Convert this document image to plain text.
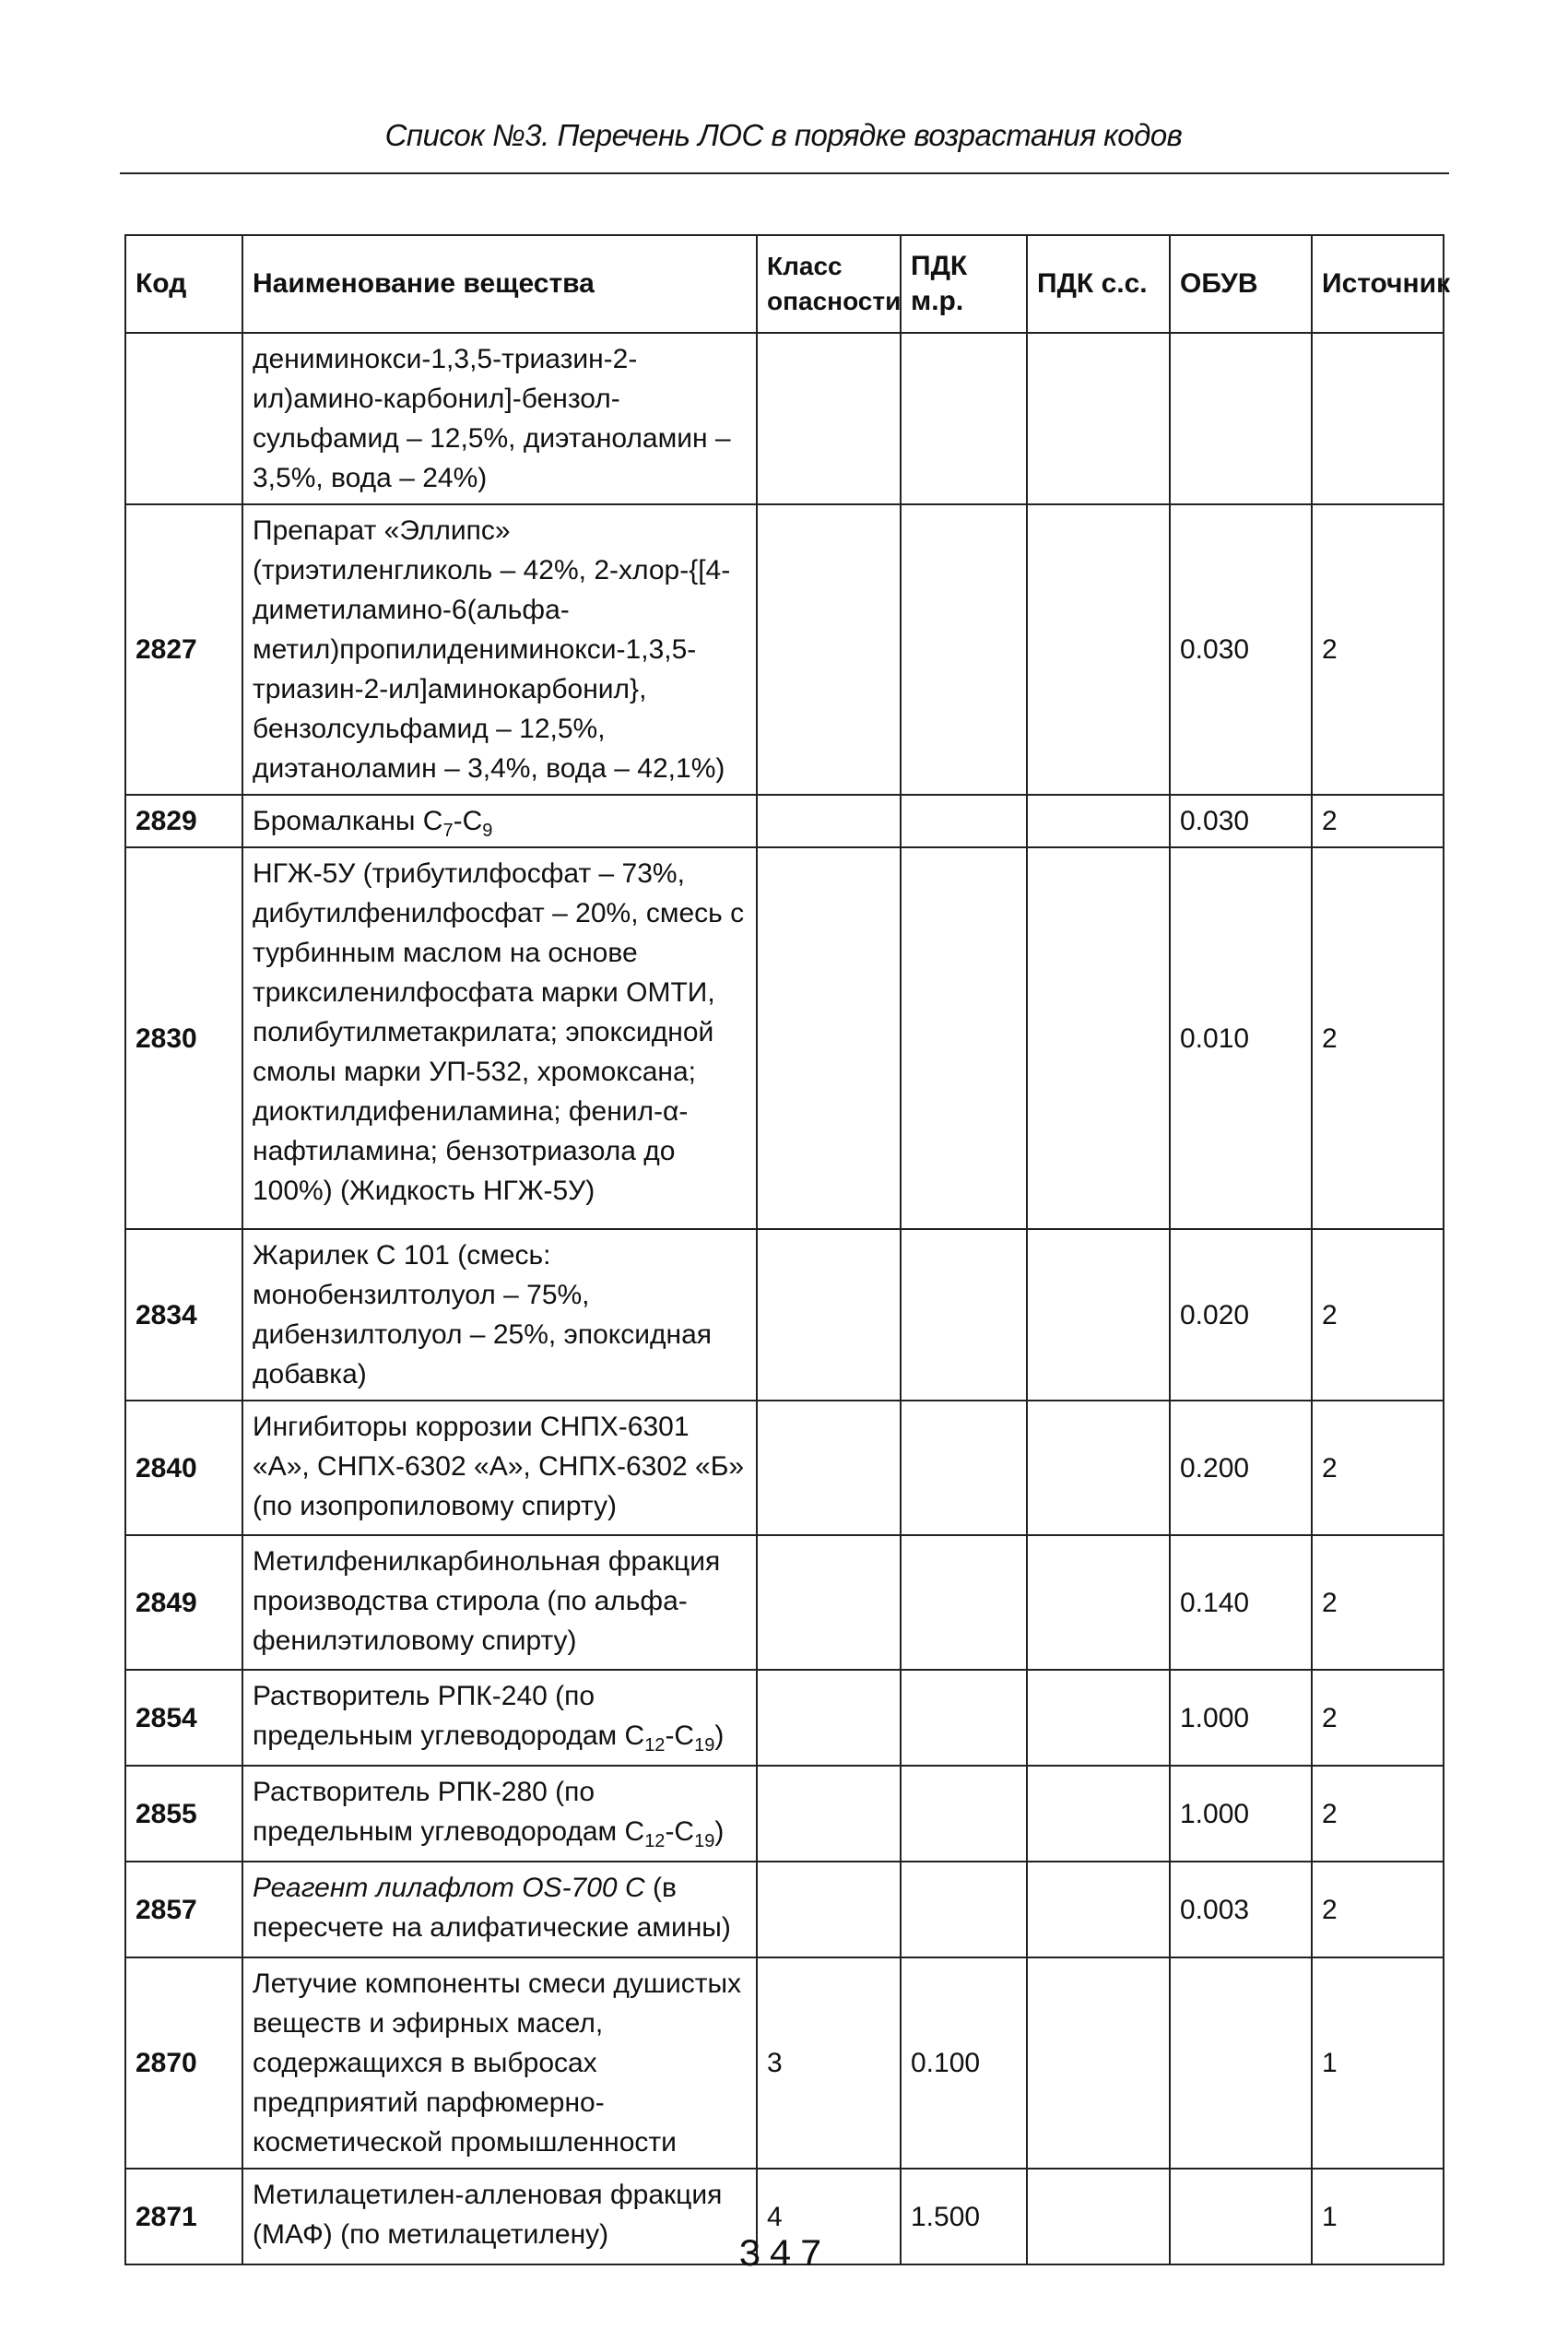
Список №3. Перечень ЛОС в порядке возрастания кодов
Код	Наименование вещества	Класс опасности	ПДК м.р.	ПДК с.с.	ОБУВ	Источник
	дениминокси-1,3,5-триазин-2-ил)амино-карбонил]-бензол-сульфамид – 12,5%, диэтаноламин – 3,5%, вода – 24%)					
2827	Препарат «Эллипс» (триэтиленгликоль – 42%, 2-хлор-{[4-диметиламино-6(альфа-метил)пропилидениминокси-1,3,5-триазин-2-ил]аминокарбонил}, бензолсульфамид – 12,5%, диэтаноламин – 3,4%, вода – 42,1%)				0.030	2
2829	Бромалканы $С_7-С_9$				0.030	2
2830	НГЖ-5У (трибутилфосфат – 73%, дибутилфенилфосфат – 20%, смесь с турбинным маслом на основе триксиленилфосфата марки ОМТИ, полибутилметакрилата; эпоксидной смолы марки УП-532, хромоксана; диоктилдифениламина; фенил-α-нафтиламина; бензотриазола до 100%) (Жидкость НГЖ-5У)				0.010	2
2834	Жарилек С 101 (смесь: монобензилтолуол – 75%, дибензилтолуол – 25%, эпоксидная добавка)				0.020	2
2840	Ингибиторы коррозии СНПХ-6301 «А», СНПХ-6302 «А», СНПХ-6302 «Б» (по изопропиловому спирту)				0.200	2
2849	Метилфенилкарбинольная фракция производства стирола (по альфа-фенилэтиловому спирту)				0.140	2
2854	Растворитель РПК-240 (по предельным углеводородам $С_{12}-С_{19}$)				1.000	2
2855	Растворитель РПК-280 (по предельным углеводородам $С_{12}-С_{19}$)				1.000	2
2857	Реагент лилафлот OS-700 С (в пересчете на алифатические амины)				0.003	2
2870	Летучие компоненты смеси душистых веществ и эфирных масел, содержащихся в выбросах предприятий парфюмерно-косметической промышленности	3	0.100			1
2871	Метилацетилен-алленовая фракция (МАФ) (по метилацетилену)	4	1.500			1
347
